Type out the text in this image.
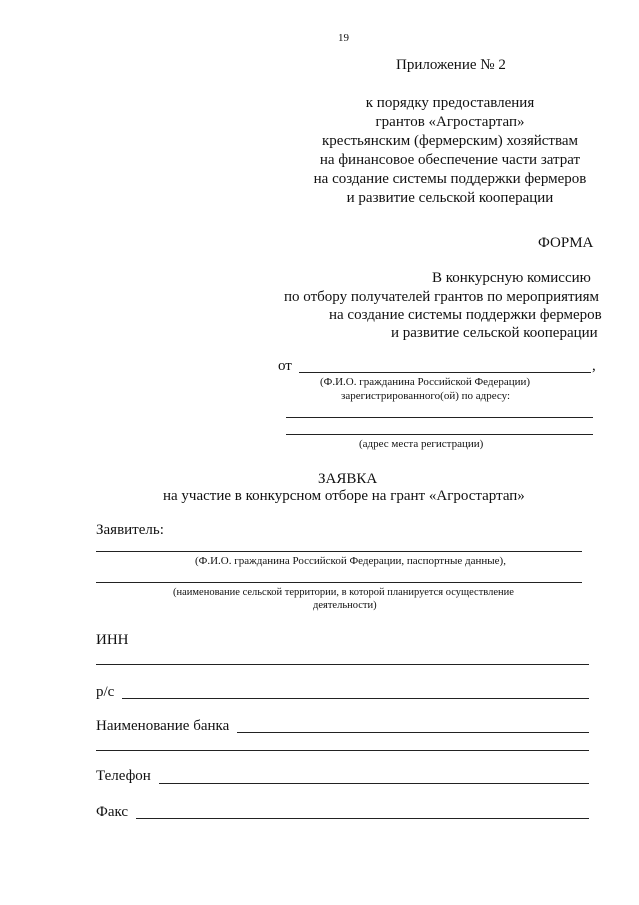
19
Приложение № 2
к порядку предоставления
грантов «Агростартап»
крестьянским (фермерским) хозяйствам
на финансовое обеспечение части затрат
на создание системы поддержки фермеров
и развитие сельской кооперации
ФОРМА
В конкурсную комиссию
по отбору получателей грантов по мероприятиям
на создание системы поддержки фермеров
и развитие сельской кооперации
от	,
(Ф.И.О. гражданина Российской Федерации)
зарегистрированного(ой) по адресу:
(адрес места регистрации)
ЗАЯВКА
на участие в конкурсном отборе на грант «Агростартап»
Заявитель:
(Ф.И.О. гражданина Российской Федерации, паспортные данные),
(наименование сельской территории, в которой планируется осуществление
деятельности)
ИНН
р/с
Наименование банка
Телефон
Факс
